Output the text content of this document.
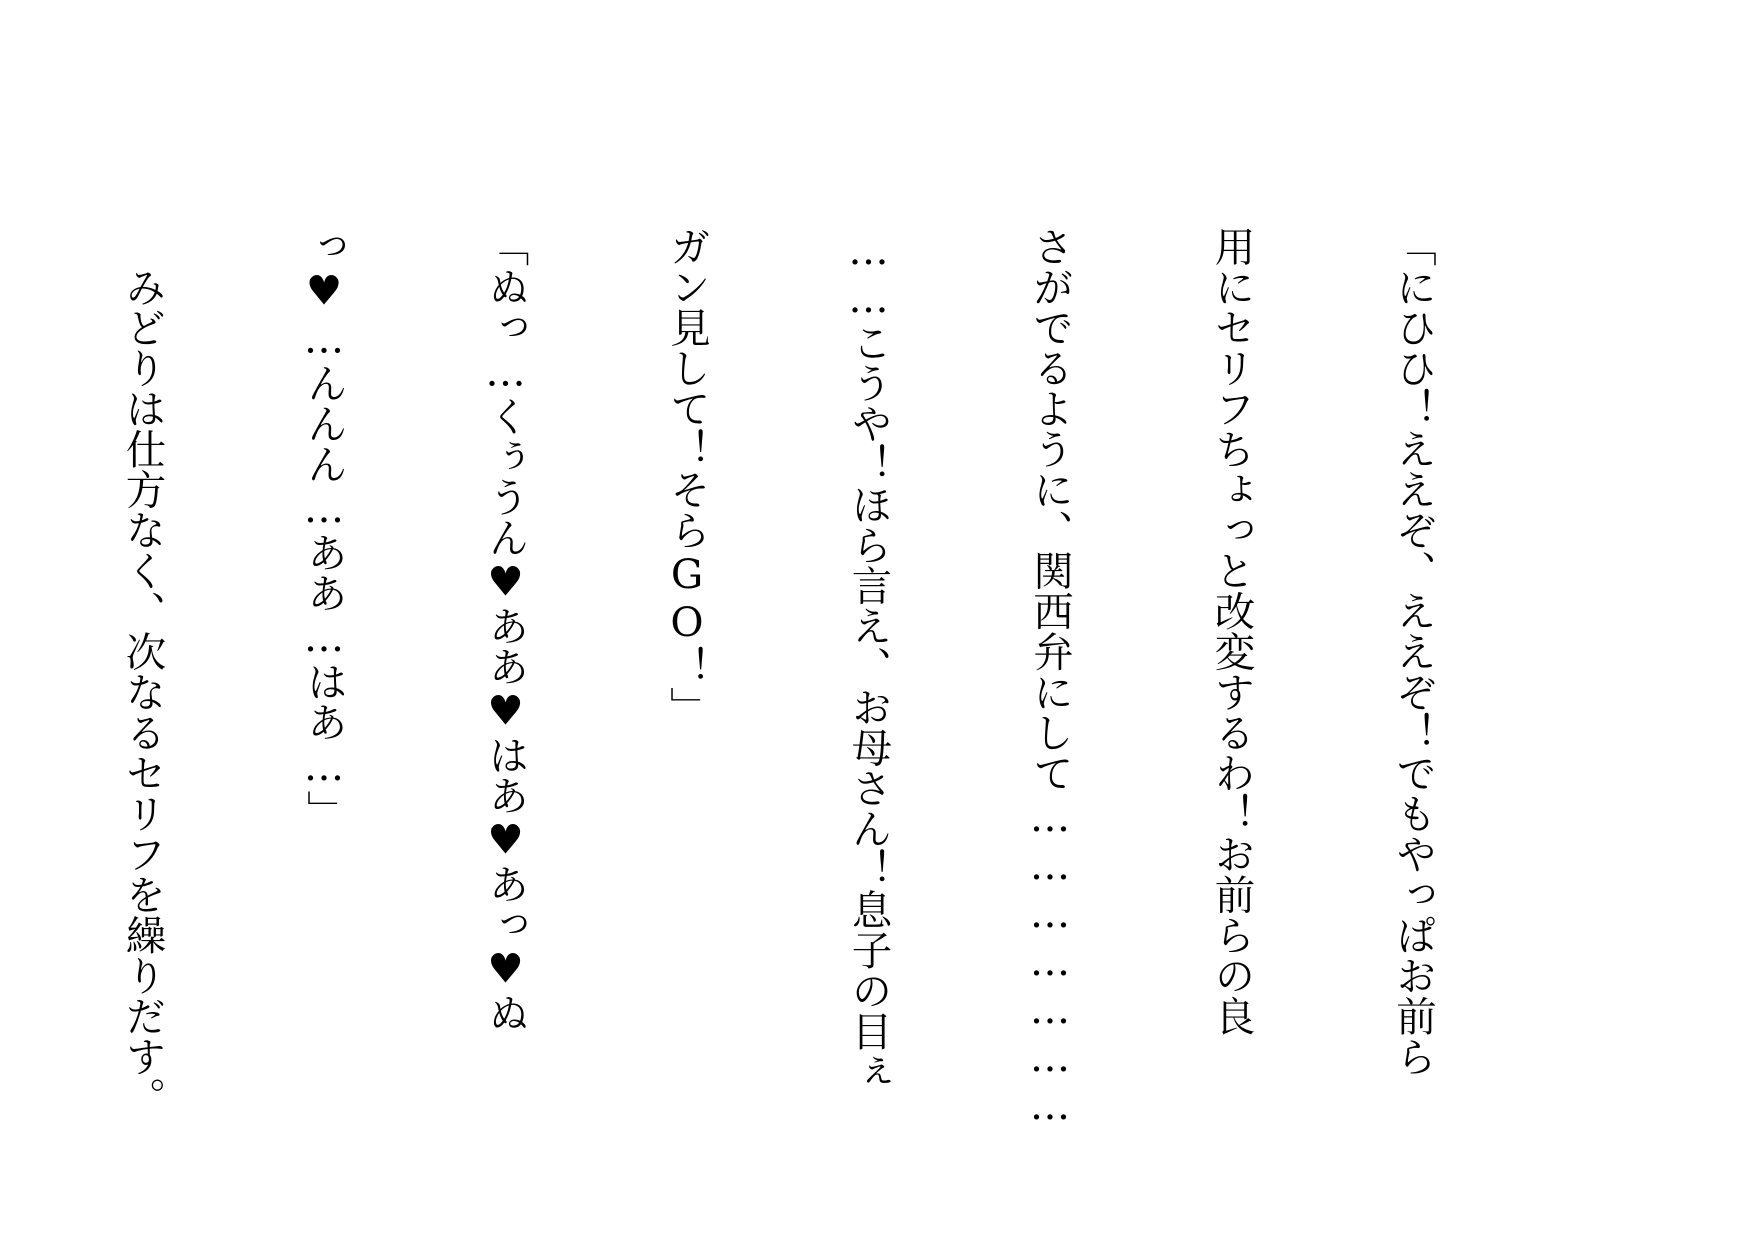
「にひひ！ええぞ、ええぞ！でもやっぱお前ら

用にセリフちょっと改変するわ！お前らの良

さがでるように、関西弁にして…………………

……こうや！ほら言え、お母さん！息子の目ぇ

ガン見して！そらGO！」

「ぬっ…くぅうん♥ああ♥はあ♥あっ♥ぬ

っ♥…んんん…ああ…はあ…」

　みどりは仕方なく、次なるセリフを繰りだす。
